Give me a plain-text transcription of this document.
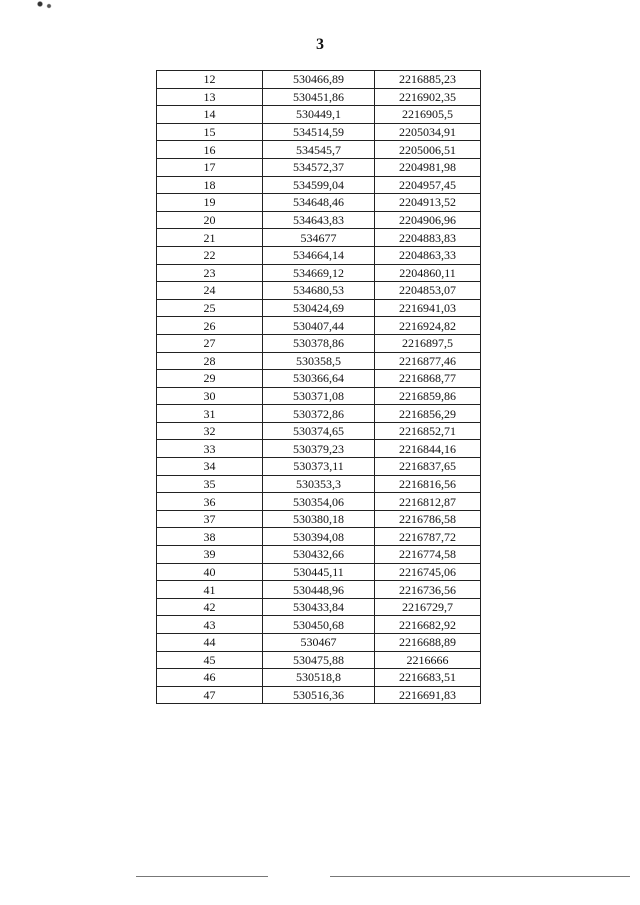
3
12	530466,89	2216885,23
13	530451,86	2216902,35
14	530449,1	2216905,5
15	534514,59	2205034,91
16	534545,7	2205006,51
17	534572,37	2204981,98
18	534599,04	2204957,45
19	534648,46	2204913,52
20	534643,83	2204906,96
21	534677	2204883,83
22	534664,14	2204863,33
23	534669,12	2204860,11
24	534680,53	2204853,07
25	530424,69	2216941,03
26	530407,44	2216924,82
27	530378,86	2216897,5
28	530358,5	2216877,46
29	530366,64	2216868,77
30	530371,08	2216859,86
31	530372,86	2216856,29
32	530374,65	2216852,71
33	530379,23	2216844,16
34	530373,11	2216837,65
35	530353,3	2216816,56
36	530354,06	2216812,87
37	530380,18	2216786,58
38	530394,08	2216787,72
39	530432,66	2216774,58
40	530445,11	2216745,06
41	530448,96	2216736,56
42	530433,84	2216729,7
43	530450,68	2216682,92
44	530467	2216688,89
45	530475,88	2216666
46	530518,8	2216683,51
47	530516,36	2216691,83
